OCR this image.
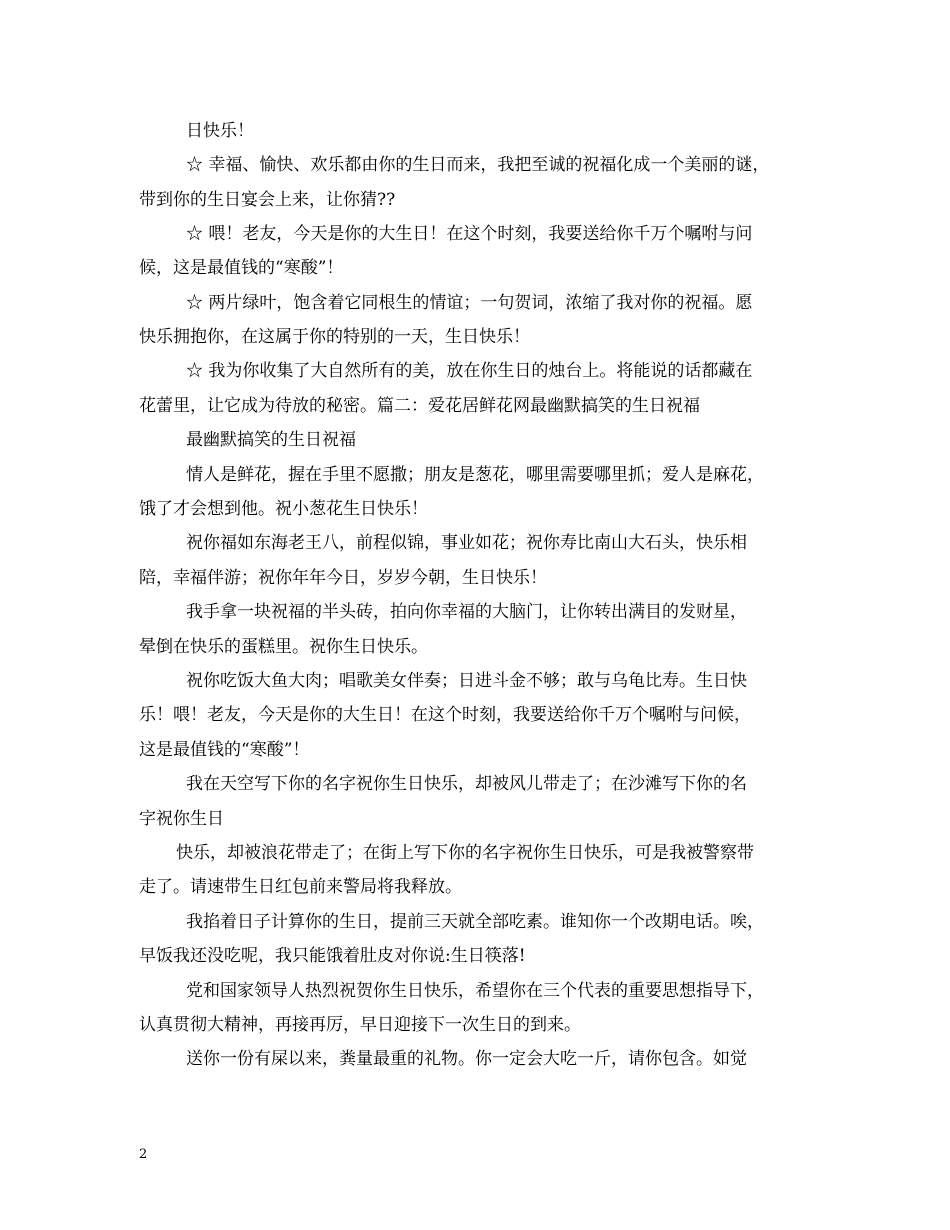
日快乐！
☆ 幸福、愉快、欢乐都由你的生日而来，我把至诚的祝福化成一个美丽的谜，
带到你的生日宴会上来，让你猜??
☆ 喂！老友，今天是你的大生日！在这个时刻，我要送给你千万个嘱咐与问
候，这是最值钱的“寒酸”！
☆ 两片绿叶，饱含着它同根生的情谊；一句贺词，浓缩了我对你的祝福。愿
快乐拥抱你，在这属于你的特别的一天，生日快乐！
☆ 我为你收集了大自然所有的美，放在你生日的烛台上。将能说的话都藏在
花蕾里，让它成为待放的秘密。篇二：爱花居鲜花网最幽默搞笑的生日祝福
最幽默搞笑的生日祝福
情人是鲜花，握在手里不愿撒；朋友是葱花，哪里需要哪里抓；爱人是麻花，
饿了才会想到他。祝小葱花生日快乐！
祝你福如东海老王八，前程似锦，事业如花；祝你寿比南山大石头，快乐相
陪，幸福伴游；祝你年年今日，岁岁今朝，生日快乐！
我手拿一块祝福的半头砖，拍向你幸福的大脑门，让你转出满目的发财星，
晕倒在快乐的蛋糕里。祝你生日快乐。
祝你吃饭大鱼大肉；唱歌美女伴奏；日进斗金不够；敢与乌龟比寿。生日快
乐！喂！老友，今天是你的大生日！在这个时刻，我要送给你千万个嘱咐与问候，
这是最值钱的“寒酸”！
我在天空写下你的名字祝你生日快乐，却被风儿带走了；在沙滩写下你的名
字祝你生日
快乐，却被浪花带走了；在街上写下你的名字祝你生日快乐，可是我被警察带
走了。请速带生日红包前来警局将我释放。
我掐着日子计算你的生日，提前三天就全部吃素。谁知你一个改期电话。唉，
早饭我还没吃呢，我只能饿着肚皮对你说:生日筷落!
党和国家领导人热烈祝贺你生日快乐，希望你在三个代表的重要思想指导下，
认真贯彻大精神，再接再厉，早日迎接下一次生日的到来。
送你一份有屎以来，粪量最重的礼物。你一定会大吃一斤，请你包含。如觉
2
